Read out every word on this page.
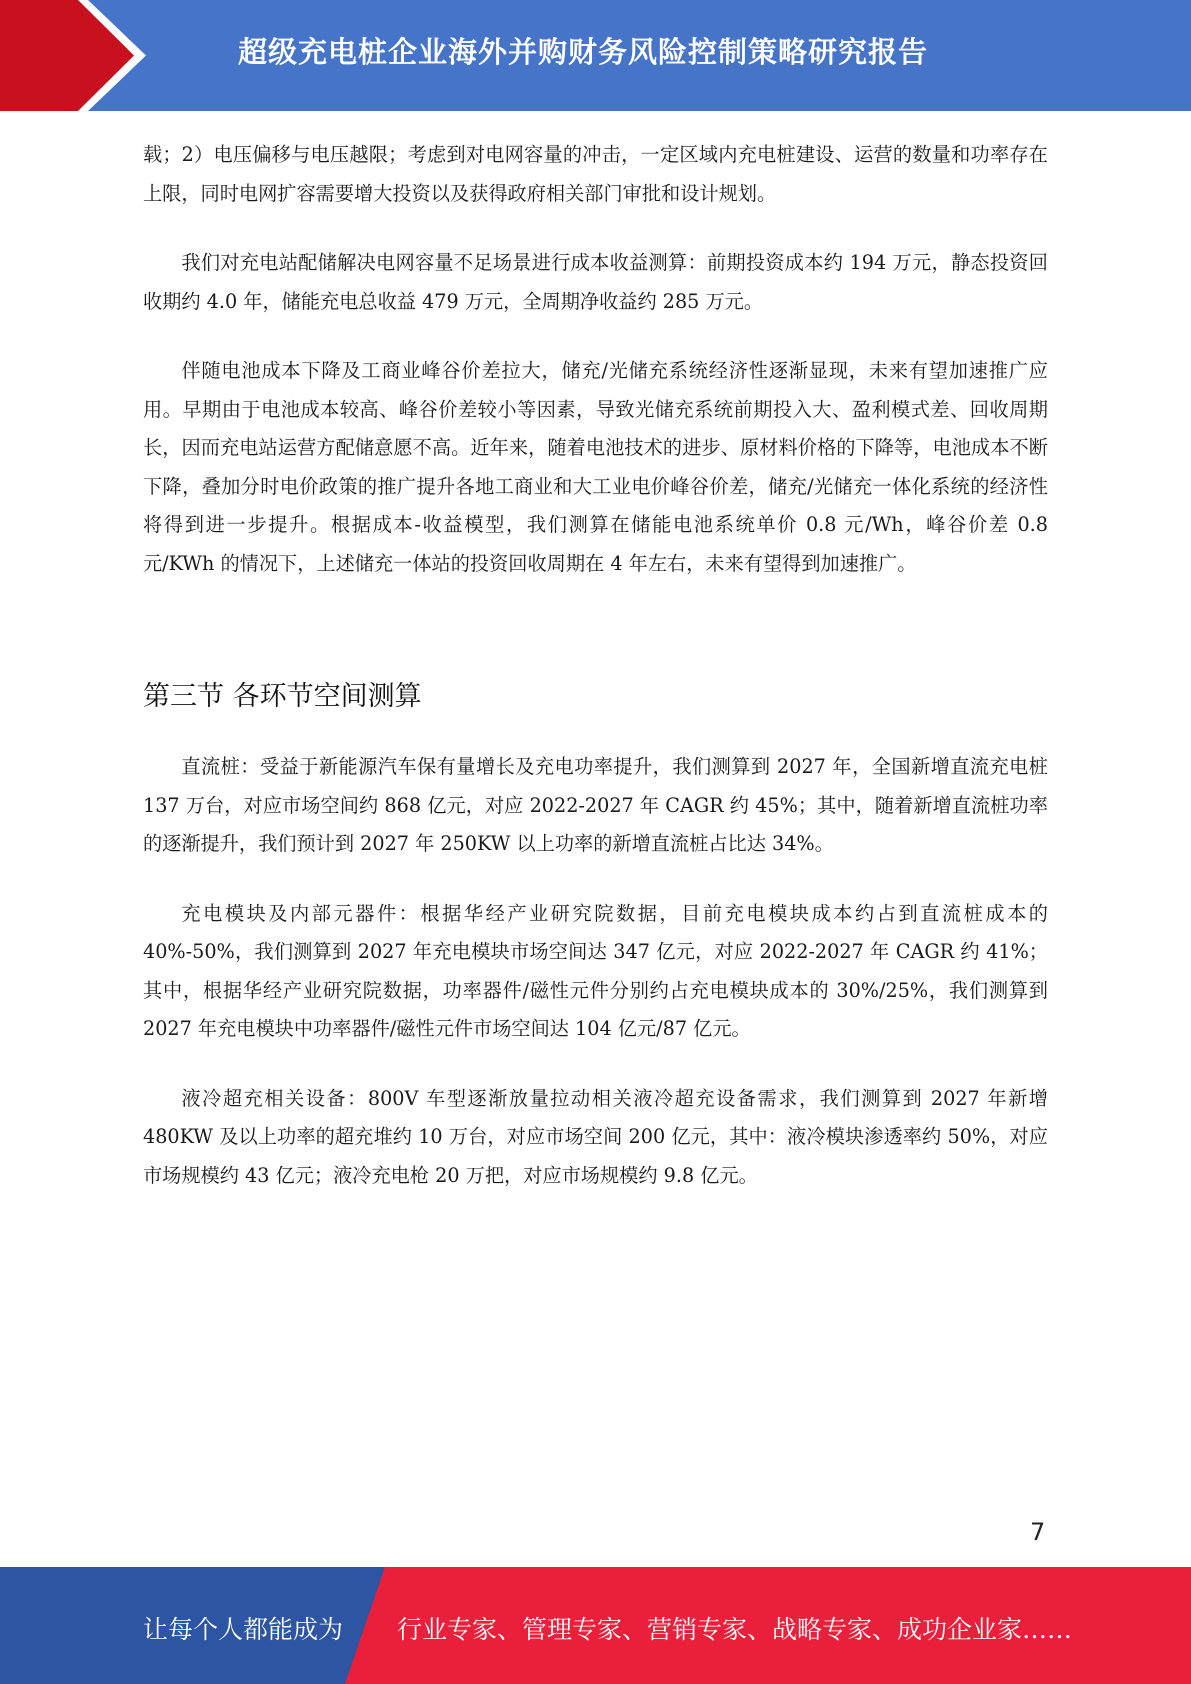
超级充电桩企业海外并购财务风险控制策略研究报告

载；2）电压偏移与电压越限；考虑到对电网容量的冲击，一定区域内充电桩建设、运营的数量和功率存在上限，同时电网扩容需要增大投资以及获得政府相关部门审批和设计规划。

我们对充电站配储解决电网容量不足场景进行成本收益测算：前期投资成本约 194 万元，静态投资回收期约 4.0 年，储能充电总收益 479 万元，全周期净收益约 285 万元。

伴随电池成本下降及工商业峰谷价差拉大，储充/光储充系统经济性逐渐显现，未来有望加速推广应用。早期由于电池成本较高、峰谷价差较小等因素，导致光储充系统前期投入大、盈利模式差、回收周期长，因而充电站运营方配储意愿不高。近年来，随着电池技术的进步、原材料价格的下降等，电池成本不断下降，叠加分时电价政策的推广提升各地工商业和大工业电价峰谷价差，储充/光储充一体化系统的经济性将得到进一步提升。根据成本-收益模型，我们测算在储能电池系统单价 0.8 元/Wh，峰谷价差 0.8 元/KWh 的情况下，上述储充一体站的投资回收周期在 4 年左右，未来有望得到加速推广。

第三节 各环节空间测算

直流桩：受益于新能源汽车保有量增长及充电功率提升，我们测算到 2027 年，全国新增直流充电桩 137 万台，对应市场空间约 868 亿元，对应 2022-2027 年 CAGR 约 45%；其中，随着新增直流桩功率的逐渐提升，我们预计到 2027 年 250KW 以上功率的新增直流桩占比达 34%。

充电模块及内部元器件：根据华经产业研究院数据，目前充电模块成本约占到直流桩成本的40%-50%，我们测算到 2027 年充电模块市场空间达 347 亿元，对应 2022-2027 年 CAGR 约 41%；其中，根据华经产业研究院数据，功率器件/磁性元件分别约占充电模块成本的 30%/25%，我们测算到 2027 年充电模块中功率器件/磁性元件市场空间达 104 亿元/87 亿元。

液冷超充相关设备：800V 车型逐渐放量拉动相关液冷超充设备需求，我们测算到 2027 年新增480KW 及以上功率的超充堆约 10 万台，对应市场空间 200 亿元，其中：液冷模块渗透率约 50%，对应市场规模约 43 亿元；液冷充电枪 20 万把，对应市场规模约 9.8 亿元。

7
让每个人都能成为 行业专家、管理专家、营销专家、战略专家、成功企业家……
